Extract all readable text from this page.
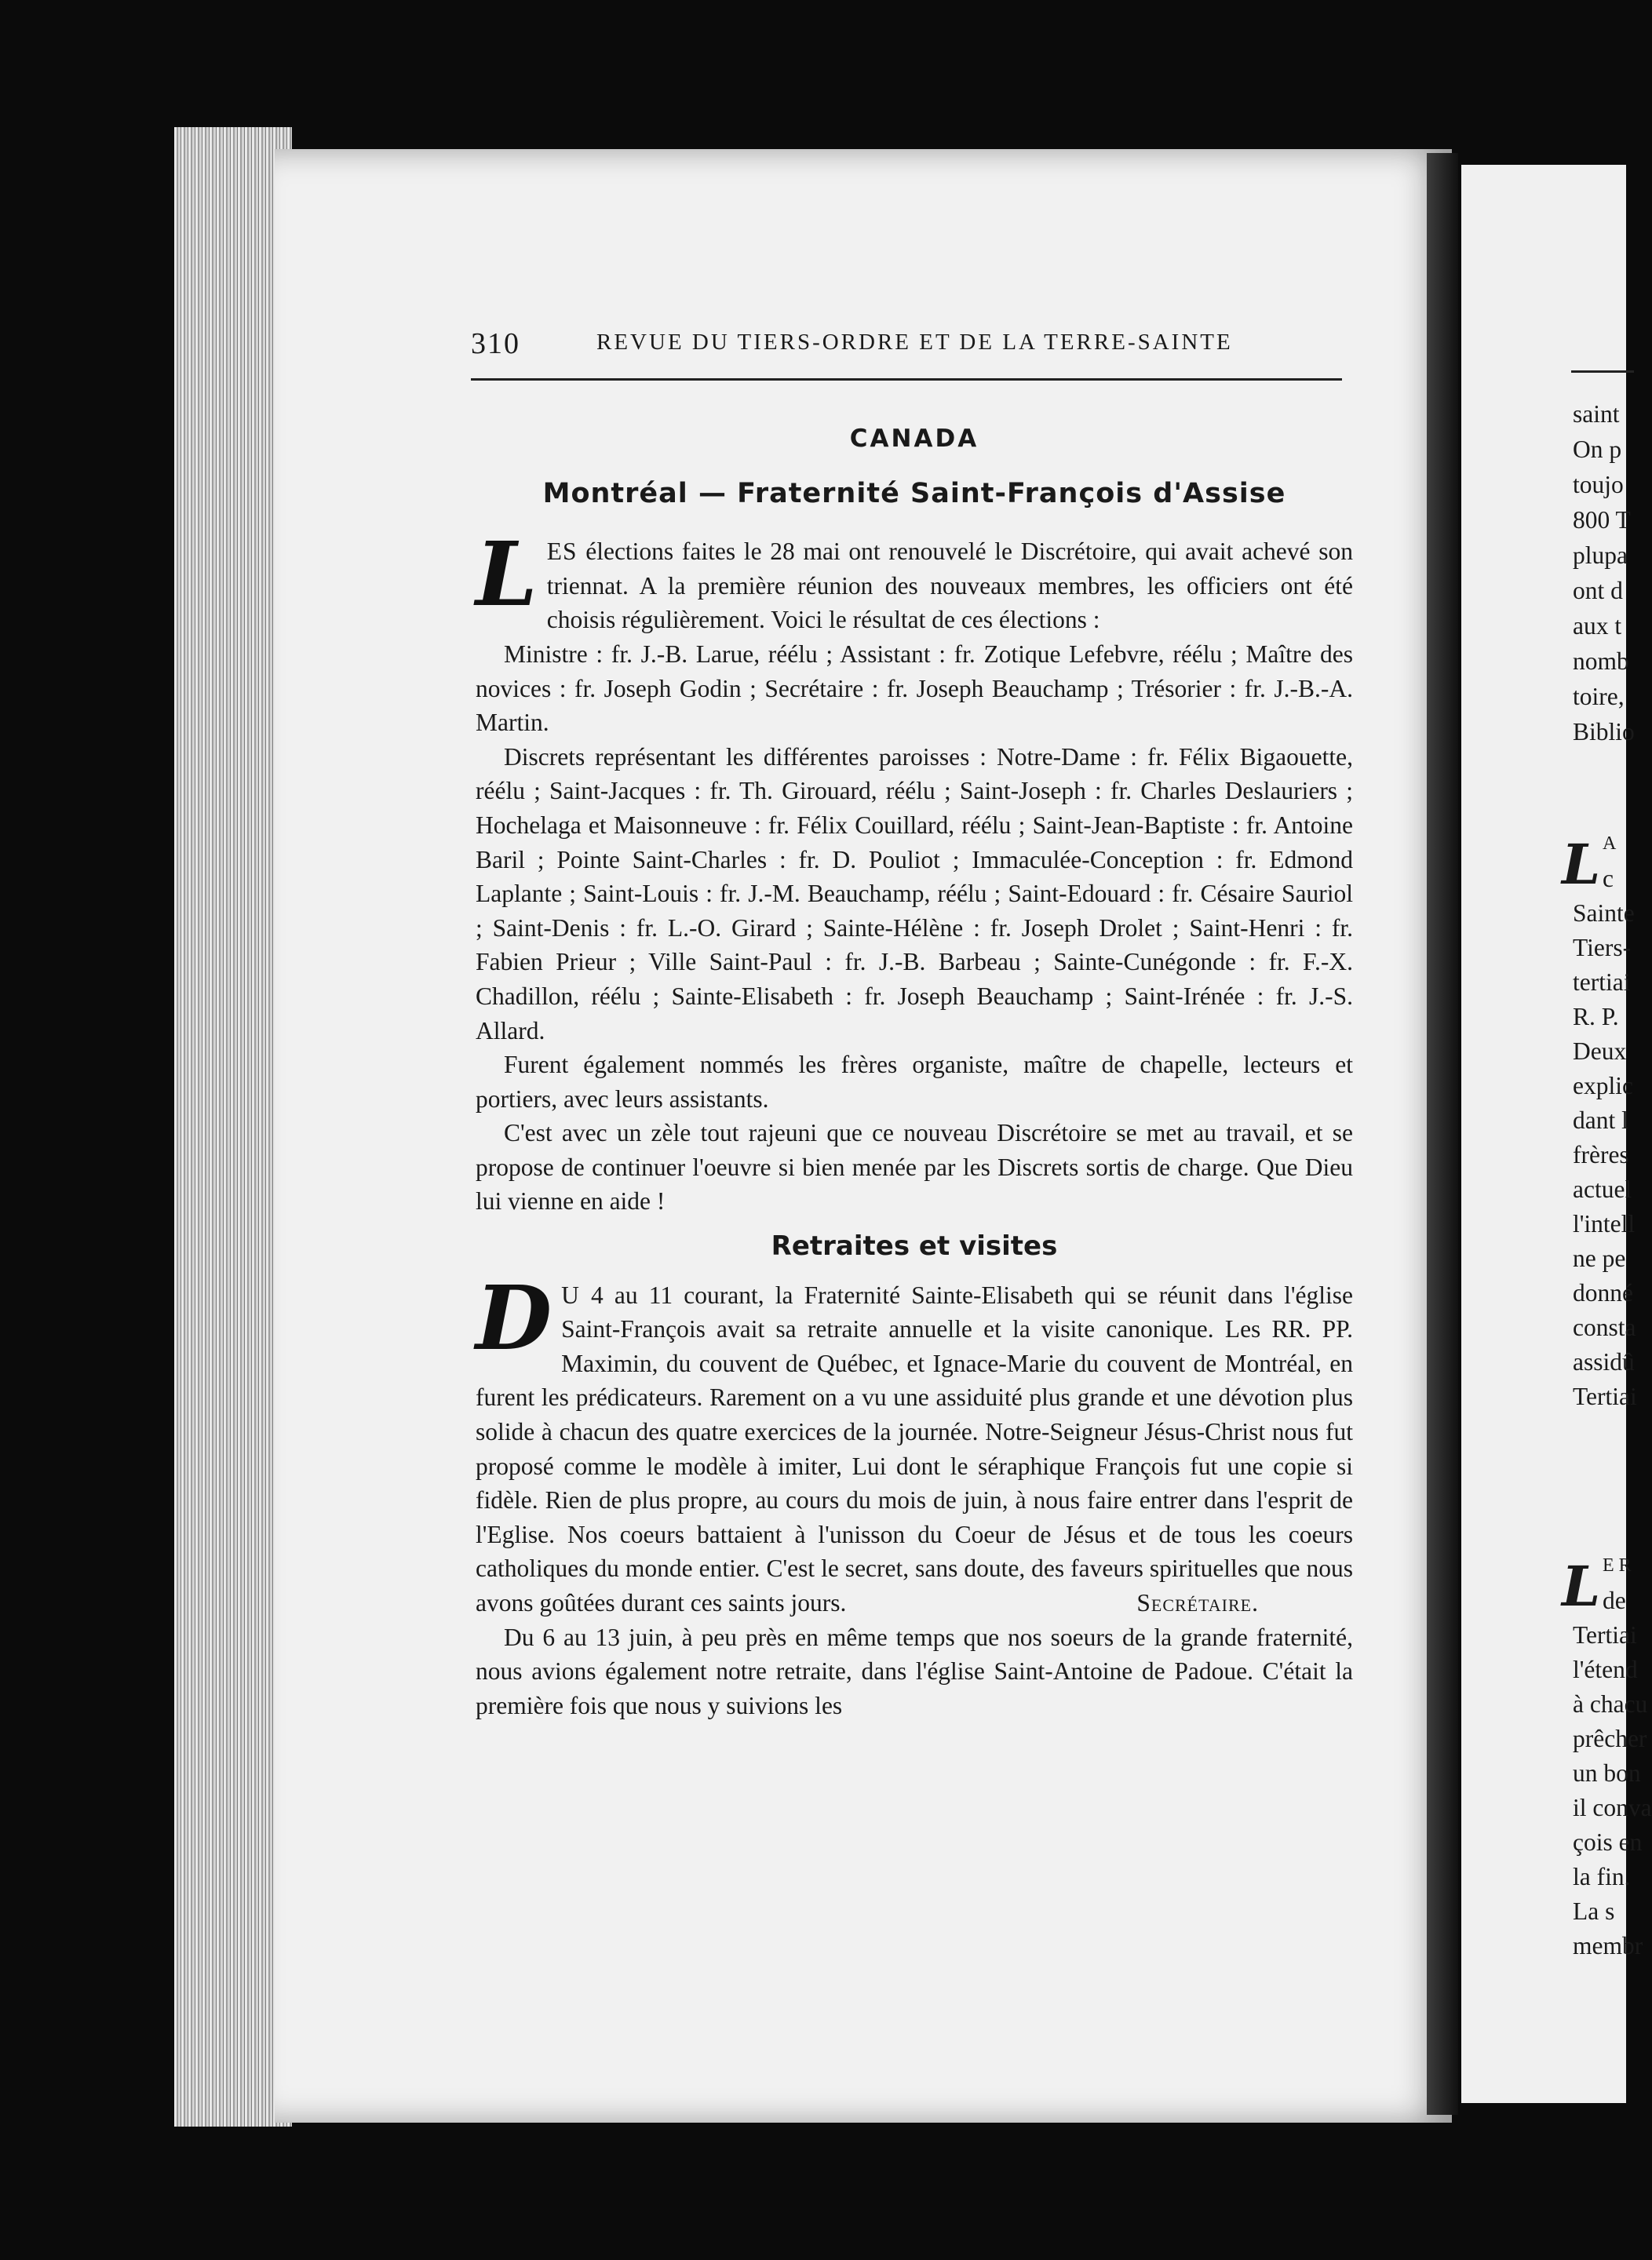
saint
On p
toujo
800 T
plupa
ont d
aux t
nomb
toire,
Biblio
L A
c
Sainte
Tiers-
tertiai
R. P.
Deux
explic
dant l
frères
actuel
l'intell
ne pe
donné
consta
assidû
Tertiai
L E R
de
Tertiai
l'étend
à chacu
prêcher
un bon
il conva
çois en
la fin.
La s
membr
310	REVUE DU TIERS-ORDRE ET DE LA TERRE-SAINTE
CANADA
Montréal — Fraternité Saint-François d'Assise

LES élections faites le 28 mai ont renouvelé le Discrétoire, qui avait achevé son triennat. A la première réunion des nouveaux membres, les officiers ont été choisis régulièrement. Voici le résultat de ces élections :

Ministre : fr. J.-B. Larue, réélu ; Assistant : fr. Zotique Lefebvre, réélu ; Maître des novices : fr. Joseph Godin ; Secrétaire : fr. Joseph Beauchamp ; Trésorier : fr. J.-B.-A. Martin.

Discrets représentant les différentes paroisses : Notre-Dame : fr. Félix Bigaouette, réélu ; Saint-Jacques : fr. Th. Girouard, réélu ; Saint-Joseph : fr. Charles Deslauriers ; Hochelaga et Maisonneuve : fr. Félix Couillard, réélu ; Saint-Jean-Baptiste : fr. Antoine Baril ; Pointe Saint-Charles : fr. D. Pouliot ; Immaculée-Conception : fr. Edmond Laplante ; Saint-Louis : fr. J.-M. Beauchamp, réélu ; Saint-Edouard : fr. Césaire Sauriol ; Saint-Denis : fr. L.-O. Girard ; Sainte-Hélène : fr. Joseph Drolet ; Saint-Henri : fr. Fabien Prieur ; Ville Saint-Paul : fr. J.-B. Barbeau ; Sainte-Cunégonde : fr. F.-X. Chadillon, réélu ; Sainte-Elisabeth : fr. Joseph Beauchamp ; Saint-Irénée : fr. J.-S. Allard.

Furent également nommés les frères organiste, maître de chapelle, lecteurs et portiers, avec leurs assistants.

C'est avec un zèle tout rajeuni que ce nouveau Discrétoire se met au travail, et se propose de continuer l'oeuvre si bien menée par les Discrets sortis de charge. Que Dieu lui vienne en aide !

Retraites et visites

D U 4 au 11 courant, la Fraternité Sainte-Elisabeth qui se réunit dans l'église Saint-François avait sa retraite annuelle et la visite canonique. Les RR. PP. Maximin, du couvent de Québec, et Ignace-Marie du couvent de Montréal, en furent les prédicateurs. Rarement on a vu une assiduité plus grande et une dévotion plus solide à chacun des quatre exercices de la journée. Notre-Seigneur Jésus-Christ nous fut proposé comme le modèle à imiter, Lui dont le séraphique François fut une copie si fidèle. Rien de plus propre, au cours du mois de juin, à nous faire entrer dans l'esprit de l'Eglise. Nos coeurs battaient à l'unisson du Coeur de Jésus et de tous les coeurs catholiques du monde entier. C'est le secret, sans doute, des faveurs spirituelles que nous avons goûtées durant ces saints jours.	Secrétaire.

Du 6 au 13 juin, à peu près en même temps que nos soeurs de la grande fraternité, nous avions également notre retraite, dans l'église Saint-Antoine de Padoue. C'était la première fois que nous y suivions les
